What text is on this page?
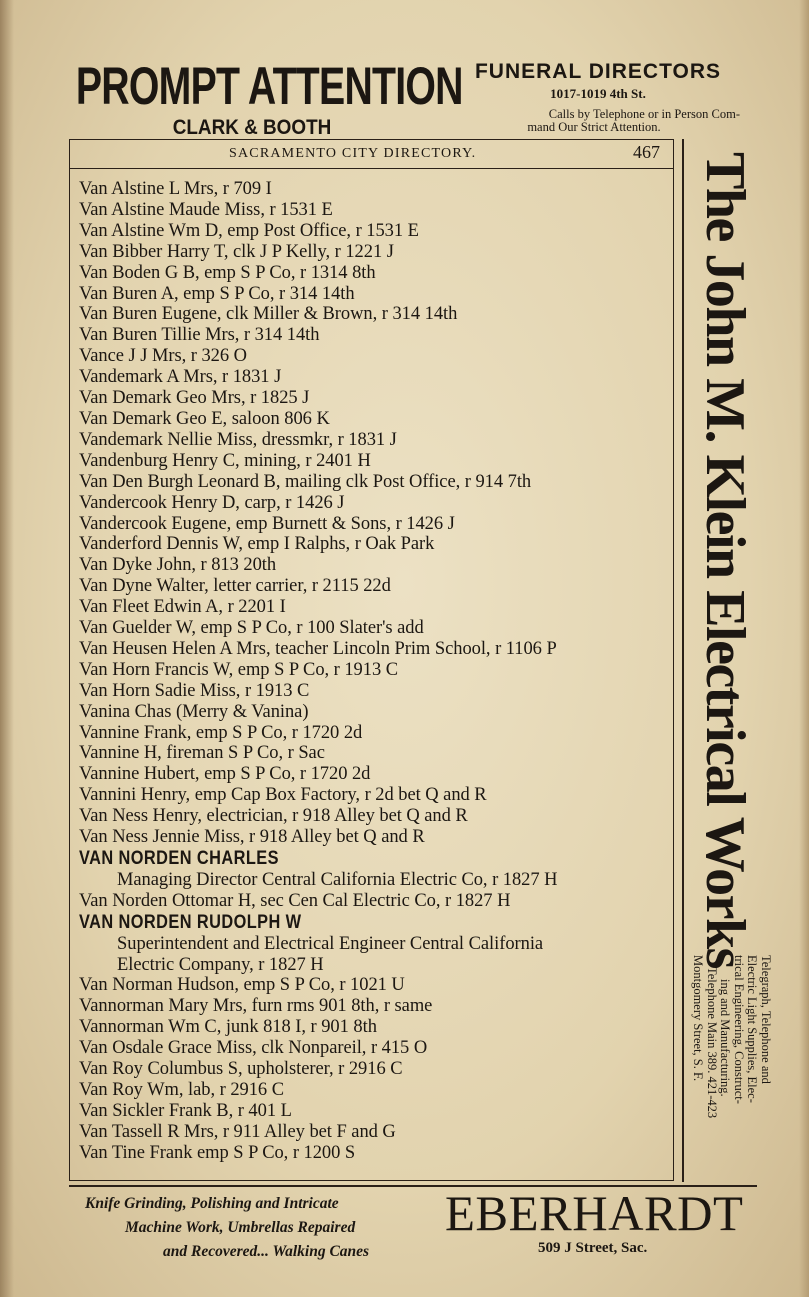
PROMPT ATTENTION
CLARK & BOOTH
FUNERAL DIRECTORS
1017-1019 4th St.
Calls by Telephone or in Person Com-
mand Our Strict Attention.
SACRAMENTO CITY DIRECTORY.	467
Van Alstine L Mrs, r 709 I
Van Alstine Maude Miss, r 1531 E
Van Alstine Wm D, emp Post Office, r 1531 E
Van Bibber Harry T, clk J P Kelly, r 1221 J
Van Boden G B, emp S P Co, r 1314 8th
Van Buren A, emp S P Co, r 314 14th
Van Buren Eugene, clk Miller & Brown, r 314 14th
Van Buren Tillie Mrs, r 314 14th
Vance J J Mrs, r 326 O
Vandemark A Mrs, r 1831 J
Van Demark Geo Mrs, r 1825 J
Van Demark Geo E, saloon 806 K
Vandemark Nellie Miss, dressmkr, r 1831 J
Vandenburg Henry C, mining, r 2401 H
Van Den Burgh Leonard B, mailing clk Post Office, r 914 7th
Vandercook Henry D, carp, r 1426 J
Vandercook Eugene, emp Burnett & Sons, r 1426 J
Vanderford Dennis W, emp I Ralphs, r Oak Park
Van Dyke John, r 813 20th
Van Dyne Walter, letter carrier, r 2115 22d
Van Fleet Edwin A, r 2201 I
Van Guelder W, emp S P Co, r 100 Slater's add
Van Heusen Helen A Mrs, teacher Lincoln Prim School, r 1106 P
Van Horn Francis W, emp S P Co, r 1913 C
Van Horn Sadie Miss, r 1913 C
Vanina Chas (Merry & Vanina)
Vannine Frank, emp S P Co, r 1720 2d
Vannine H, fireman S P Co, r Sac
Vannine Hubert, emp S P Co, r 1720 2d
Vannini Henry, emp Cap Box Factory, r 2d bet Q and R
Van Ness Henry, electrician, r 918 Alley bet Q and R
Van Ness Jennie Miss, r 918 Alley bet Q and R
VAN NORDEN CHARLES
Managing Director Central California Electric Co, r 1827 H
Van Norden Ottomar H, sec Cen Cal Electric Co, r 1827 H
VAN NORDEN RUDOLPH W
Superintendent and Electrical Engineer Central California
Electric Company, r 1827 H
Van Norman Hudson, emp S P Co, r 1021 U
Vannorman Mary Mrs, furn rms 901 8th, r same
Vannorman Wm C, junk 818 I, r 901 8th
Van Osdale Grace Miss, clk Nonpareil, r 415 O
Van Roy Columbus S, upholsterer, r 2916 C
Van Roy Wm, lab, r 2916 C
Van Sickler Frank B, r 401 L
Van Tassell R Mrs, r 911 Alley bet F and G
Van Tine Frank emp S P Co, r 1200 S
The John M. Klein Electrical Works
Telegraph, Telephone and
Electric Light Supplies, Elec-
trical Engineering, Construct-
ing and Manufacturing.
Telephone Main 389. 421-423
Montgomery Street, S. F.
Knife Grinding, Polishing and Intricate
Machine Work, Umbrellas Repaired
and Recovered... Walking Canes
EBERHARDT
509 J Street, Sac.
